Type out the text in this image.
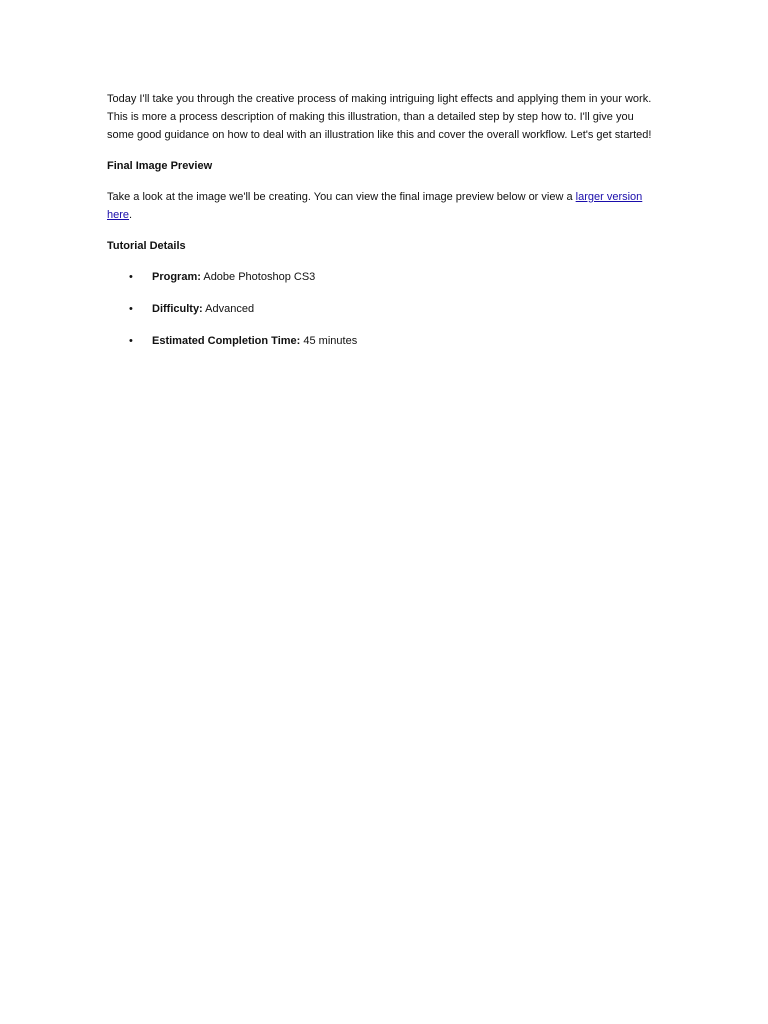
Today I'll take you through the creative process of making intriguing light effects and applying them in your work. This is more a process description of making this illustration, than a detailed step by step how to. I'll give you some good guidance on how to deal with an illustration like this and cover the overall workflow. Let's get started!

Final Image Preview

Take a look at the image we'll be creating. You can view the final image preview below or view a larger version here.

Tutorial Details

• Program: Adobe Photoshop CS3
• Difficulty: Advanced
• Estimated Completion Time: 45 minutes
